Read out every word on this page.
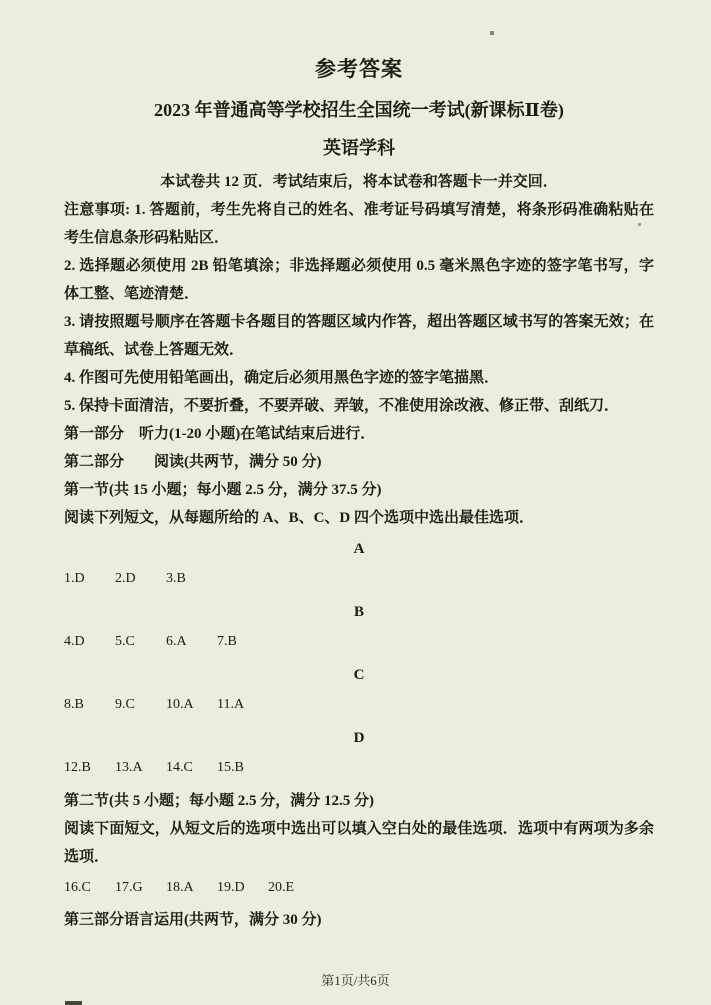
参考答案
2023 年普通高等学校招生全国统一考试(新课标Ⅱ卷)
英语学科
本试卷共 12 页．考试结束后，将本试卷和答题卡一并交回．

注意事项: 1. 答题前，考生先将自己的姓名、准考证号码填写清楚，将条形码准确粘贴在考生信息条形码粘贴区．

2. 选择题必须使用 2B 铅笔填涂；非选择题必须使用 0.5 毫米黑色字迹的签字笔书写，字体工整、笔迹清楚．

3. 请按照题号顺序在答题卡各题目的答题区域内作答，超出答题区域书写的答案无效；在草稿纸、试卷上答题无效．

4. 作图可先使用铅笔画出，确定后必须用黑色字迹的签字笔描黑．

5. 保持卡面清洁，不要折叠，不要弄破、弄皱，不准使用涂改液、修正带、刮纸刀．

第一部分　听力(1-20 小题)在笔试结束后进行．

第二部分　　阅读(共两节，满分 50 分)

第一节(共 15 小题；每小题 2.5 分，满分 37.5 分)

阅读下列短文，从每题所给的 A、B、C、D 四个选项中选出最佳选项．

A
1.D 2.D 3.B
B
4.D 5.C 6.A 7.B
C
8.B 9.C 10.A 11.A
D
12.B 13.A 14.C 15.B

第二节(共 5 小题；每小题 2.5 分，满分 12.5 分)

阅读下面短文，从短文后的选项中选出可以填入空白处的最佳选项．选项中有两项为多余选项．

16.C 17.G 18.A 19.D 20.E

第三部分语言运用(共两节，满分 30 分)

第1页/共6页
